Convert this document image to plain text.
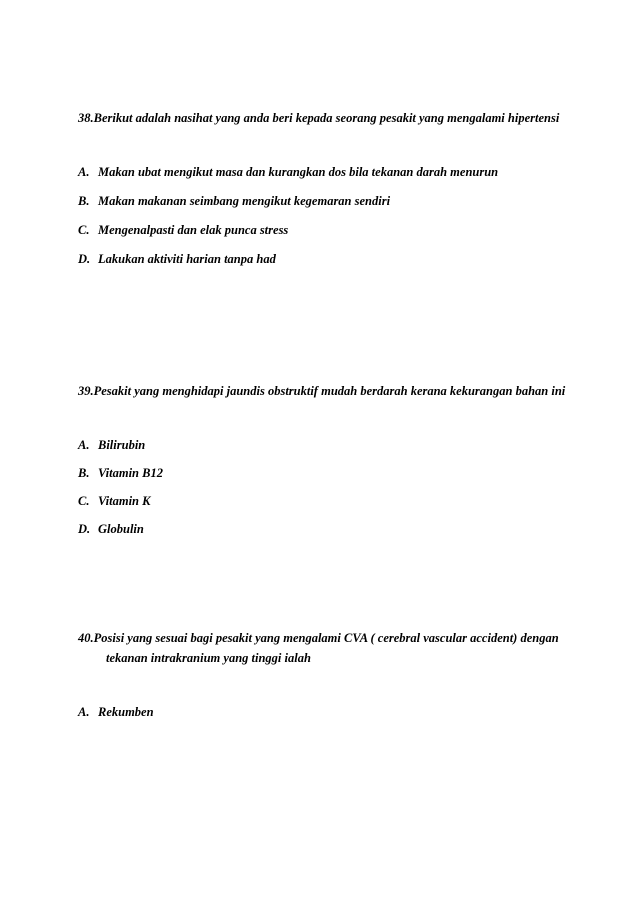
38.Berikut adalah nasihat yang anda beri kepada seorang pesakit yang mengalami hipertensi

A. Makan ubat mengikut masa dan kurangkan dos bila tekanan darah menurun
B. Makan makanan seimbang mengikut kegemaran sendiri
C. Mengenalpasti dan elak punca stress
D. Lakukan aktiviti harian tanpa had

39.Pesakit yang menghidapi jaundis obstruktif mudah berdarah kerana kekurangan bahan ini

A. Bilirubin
B. Vitamin B12
C. Vitamin K
D. Globulin

40.Posisi yang sesuai bagi pesakit yang mengalami CVA ( cerebral vascular accident) dengan tekanan intrakranium yang tinggi ialah

A. Rekumben
